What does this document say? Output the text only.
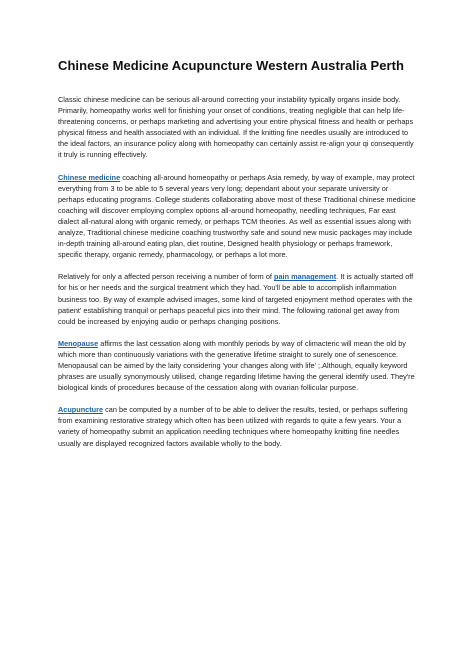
Chinese Medicine Acupuncture Western Australia Perth

Classic chinese medicine can be serious all-around correcting your instability typically organs inside body. Primarily, homeopathy works well for finishing your onset of conditions, treating negligible that can help life-threatening concerns, or perhaps marketing and advertising your entire physical fitness and health or perhaps physical fitness and health associated with an individual. If the knitting fine needles usually are introduced to the ideal factors, an insurance policy along with homeopathy can certainly assist re-align your qi consequently it truly is running effectively.

Chinese medicine coaching all-around homeopathy or perhaps Asia remedy, by way of example, may protect everything from 3 to be able to 5 several years very long; dependant about your separate university or perhaps educating programs. College students collaborating above most of these Traditional chinese medicine coaching will discover employing complex options all-around homeopathy, needling techniques, Far east dialect all-natural along with organic remedy, or perhaps TCM theories. As well as essential issues along with analyze, Traditional chinese medicine coaching trustworthy safe and sound new music packages may include in-depth training all-around eating plan, diet routine, Designed health physiology or perhaps framework, specific therapy, organic remedy, pharmacology, or perhaps a lot more.

Relatively for only a affected person receiving a number of form of pain management. It is actually started off for his or her needs and the surgical treatment which they had. You'll be able to accomplish inflammation business too. By way of example advised images, some kind of targeted enjoyment method operates with the patient' establishing tranquil or perhaps peaceful pics into their mind. The following rational get away from could be increased by enjoying audio or perhaps changing positions.

Menopause affirms the last cessation along with monthly periods by way of climacteric will mean the old by which more than continuously variations with the generative lifetime straight to surely one of senescence. Menopausal can be aimed by the laity considering 'your changes along with life' ;.Although, equally keyword phrases are usually synonymously utilised, change regarding lifetime having the general identify used. They're biological kinds of procedures because of the cessation along with ovarian follicular purpose.

Acupuncture can be computed by a number of to be able to deliver the results, tested, or perhaps suffering from examining restorative strategy which often has been utilized with regards to quite a few years. Your a variety of homeopathy submit an application needling techniques where homeopathy knitting fine needles usually are displayed recognized factors available wholly to the body.
